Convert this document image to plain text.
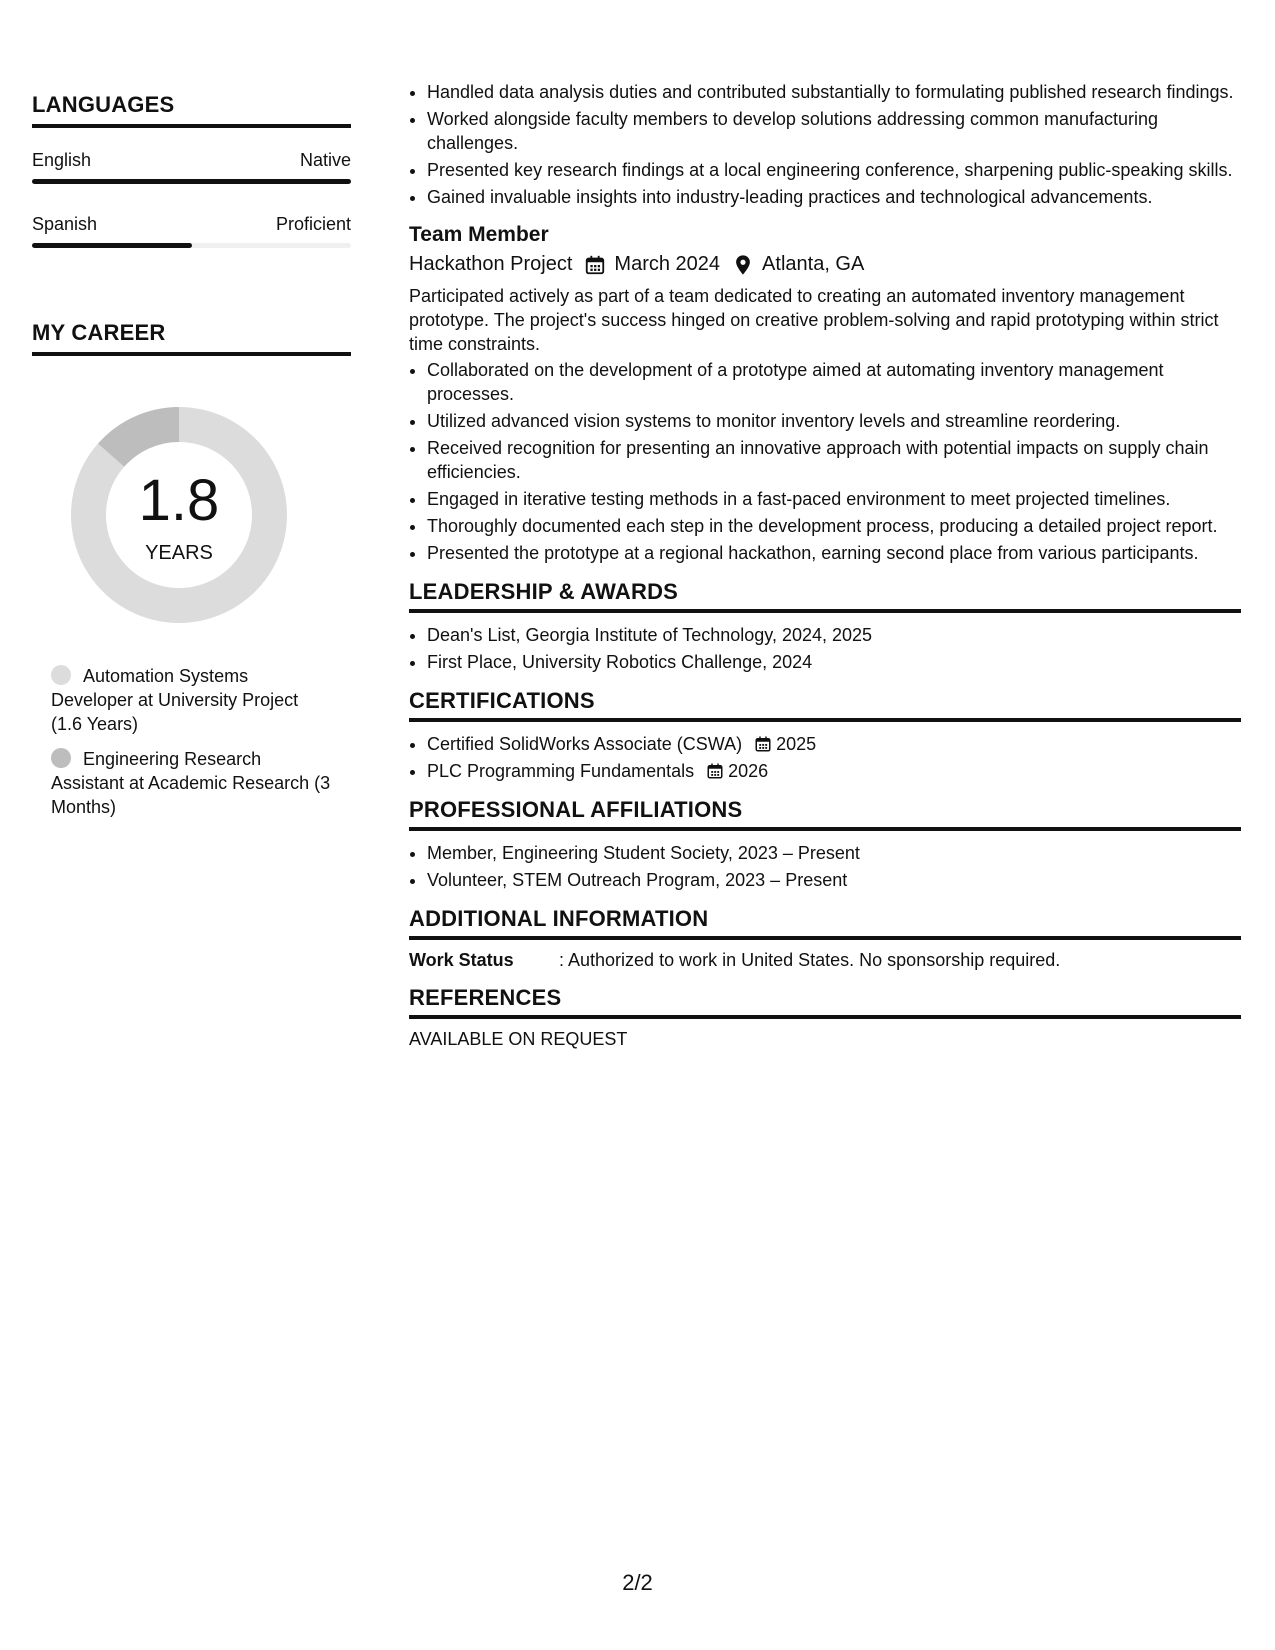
LANGUAGES
English	Native
Spanish	Proficient
MY CAREER
1.8
YEARS
Automation Systems Developer at University Project (1.6 Years)
Engineering Research Assistant at Academic Research (3 Months)
• Handled data analysis duties and contributed substantially to formulating published research findings.
• Worked alongside faculty members to develop solutions addressing common manufacturing challenges.
• Presented key research findings at a local engineering conference, sharpening public-speaking skills.
• Gained invaluable insights into industry-leading practices and technological advancements.
Team Member
Hackathon Project March 2024 Atlanta, GA
Participated actively as part of a team dedicated to creating an automated inventory management prototype. The project's success hinged on creative problem-solving and rapid prototyping within strict time constraints.
• Collaborated on the development of a prototype aimed at automating inventory management processes.
• Utilized advanced vision systems to monitor inventory levels and streamline reordering.
• Received recognition for presenting an innovative approach with potential impacts on supply chain efficiencies.
• Engaged in iterative testing methods in a fast-paced environment to meet projected timelines.
• Thoroughly documented each step in the development process, producing a detailed project report.
• Presented the prototype at a regional hackathon, earning second place from various participants.
LEADERSHIP & AWARDS
• Dean's List, Georgia Institute of Technology, 2024, 2025
• First Place, University Robotics Challenge, 2024
CERTIFICATIONS
• Certified SolidWorks Associate (CSWA) 2025
• PLC Programming Fundamentals 2026
PROFESSIONAL AFFILIATIONS
• Member, Engineering Student Society, 2023 – Present
• Volunteer, STEM Outreach Program, 2023 – Present
ADDITIONAL INFORMATION
Work Status	: Authorized to work in United States. No sponsorship required.
REFERENCES
AVAILABLE ON REQUEST
2/2
